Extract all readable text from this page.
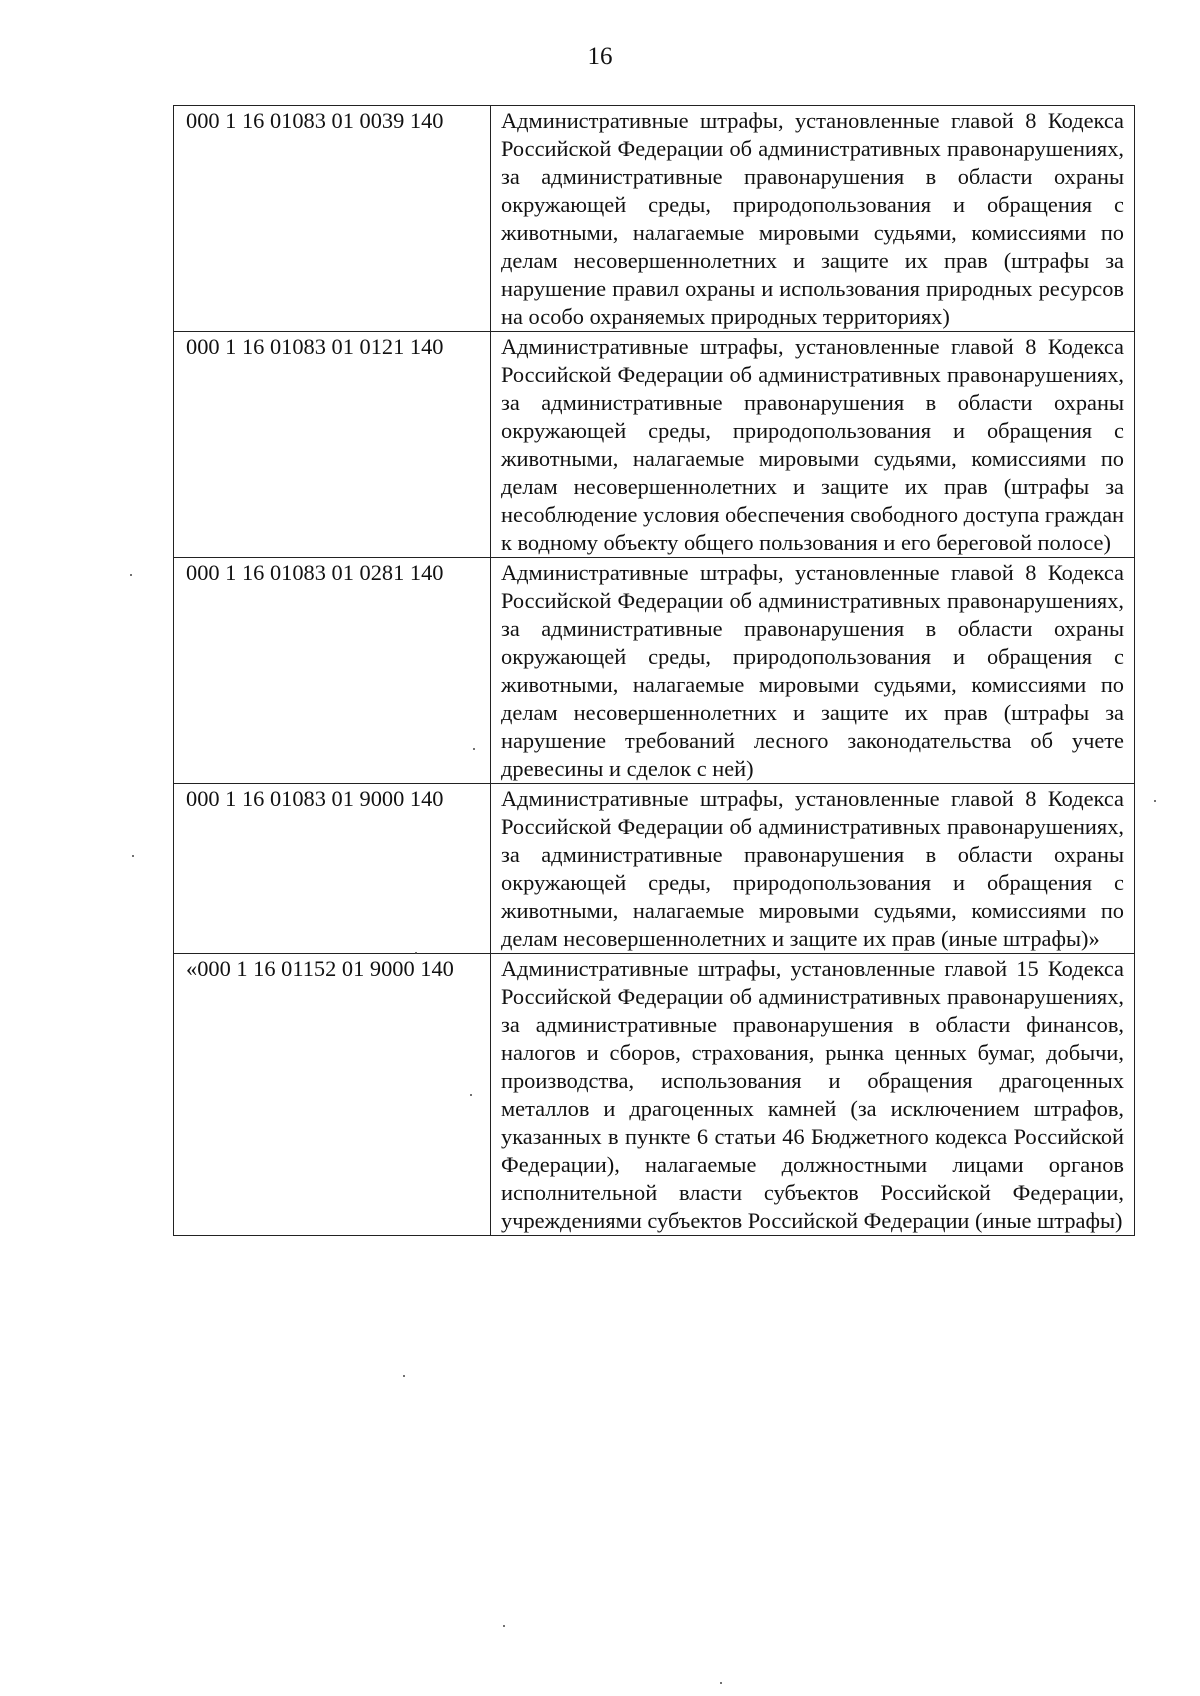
16
000 1 16 01083 01 0039 140	Административные штрафы, установленные главой 8 Кодекса Российской Федерации об административных правонарушениях, за административные правонарушения в области охраны окружающей среды, природопользования и обращения с животными, налагаемые мировыми судьями, комиссиями по делам несовершеннолетних и защите их прав (штрафы за нарушение правил охраны и использования природных ресурсов на особо охраняемых природных территориях)
000 1 16 01083 01 0121 140	Административные штрафы, установленные главой 8 Кодекса Российской Федерации об административных правонарушениях, за административные правонарушения в области охраны окружающей среды, природопользования и обращения с животными, налагаемые мировыми судьями, комиссиями по делам несовершеннолетних и защите их прав (штрафы за несоблюдение условия обеспечения свободного доступа граждан к водному объекту общего пользования и его береговой полосе)
000 1 16 01083 01 0281 140	Административные штрафы, установленные главой 8 Кодекса Российской Федерации об административных правонарушениях, за административные правонарушения в области охраны окружающей среды, природопользования и обращения с животными, налагаемые мировыми судьями, комиссиями по делам несовершеннолетних и защите их прав (штрафы за нарушение требований лесного законодательства об учете древесины и сделок с ней)
000 1 16 01083 01 9000 140	Административные штрафы, установленные главой 8 Кодекса Российской Федерации об административных правонарушениях, за административные правонарушения в области охраны окружающей среды, природопользования и обращения с животными, налагаемые мировыми судьями, комиссиями по делам несовершеннолетних и защите их прав (иные штрафы)»
«000 1 16 01152 01 9000 140	Административные штрафы, установленные главой 15 Кодекса Российской Федерации об административных правонарушениях, за административные правонарушения в области финансов, налогов и сборов, страхования, рынка ценных бумаг, добычи, производства, использования и обращения драгоценных металлов и драгоценных камней (за исключением штрафов, указанных в пункте 6 статьи 46 Бюджетного кодекса Российской Федерации), налагаемые должностными лицами органов исполнительной власти субъектов Российской Федерации, учреждениями субъектов Российской Федерации (иные штрафы)
